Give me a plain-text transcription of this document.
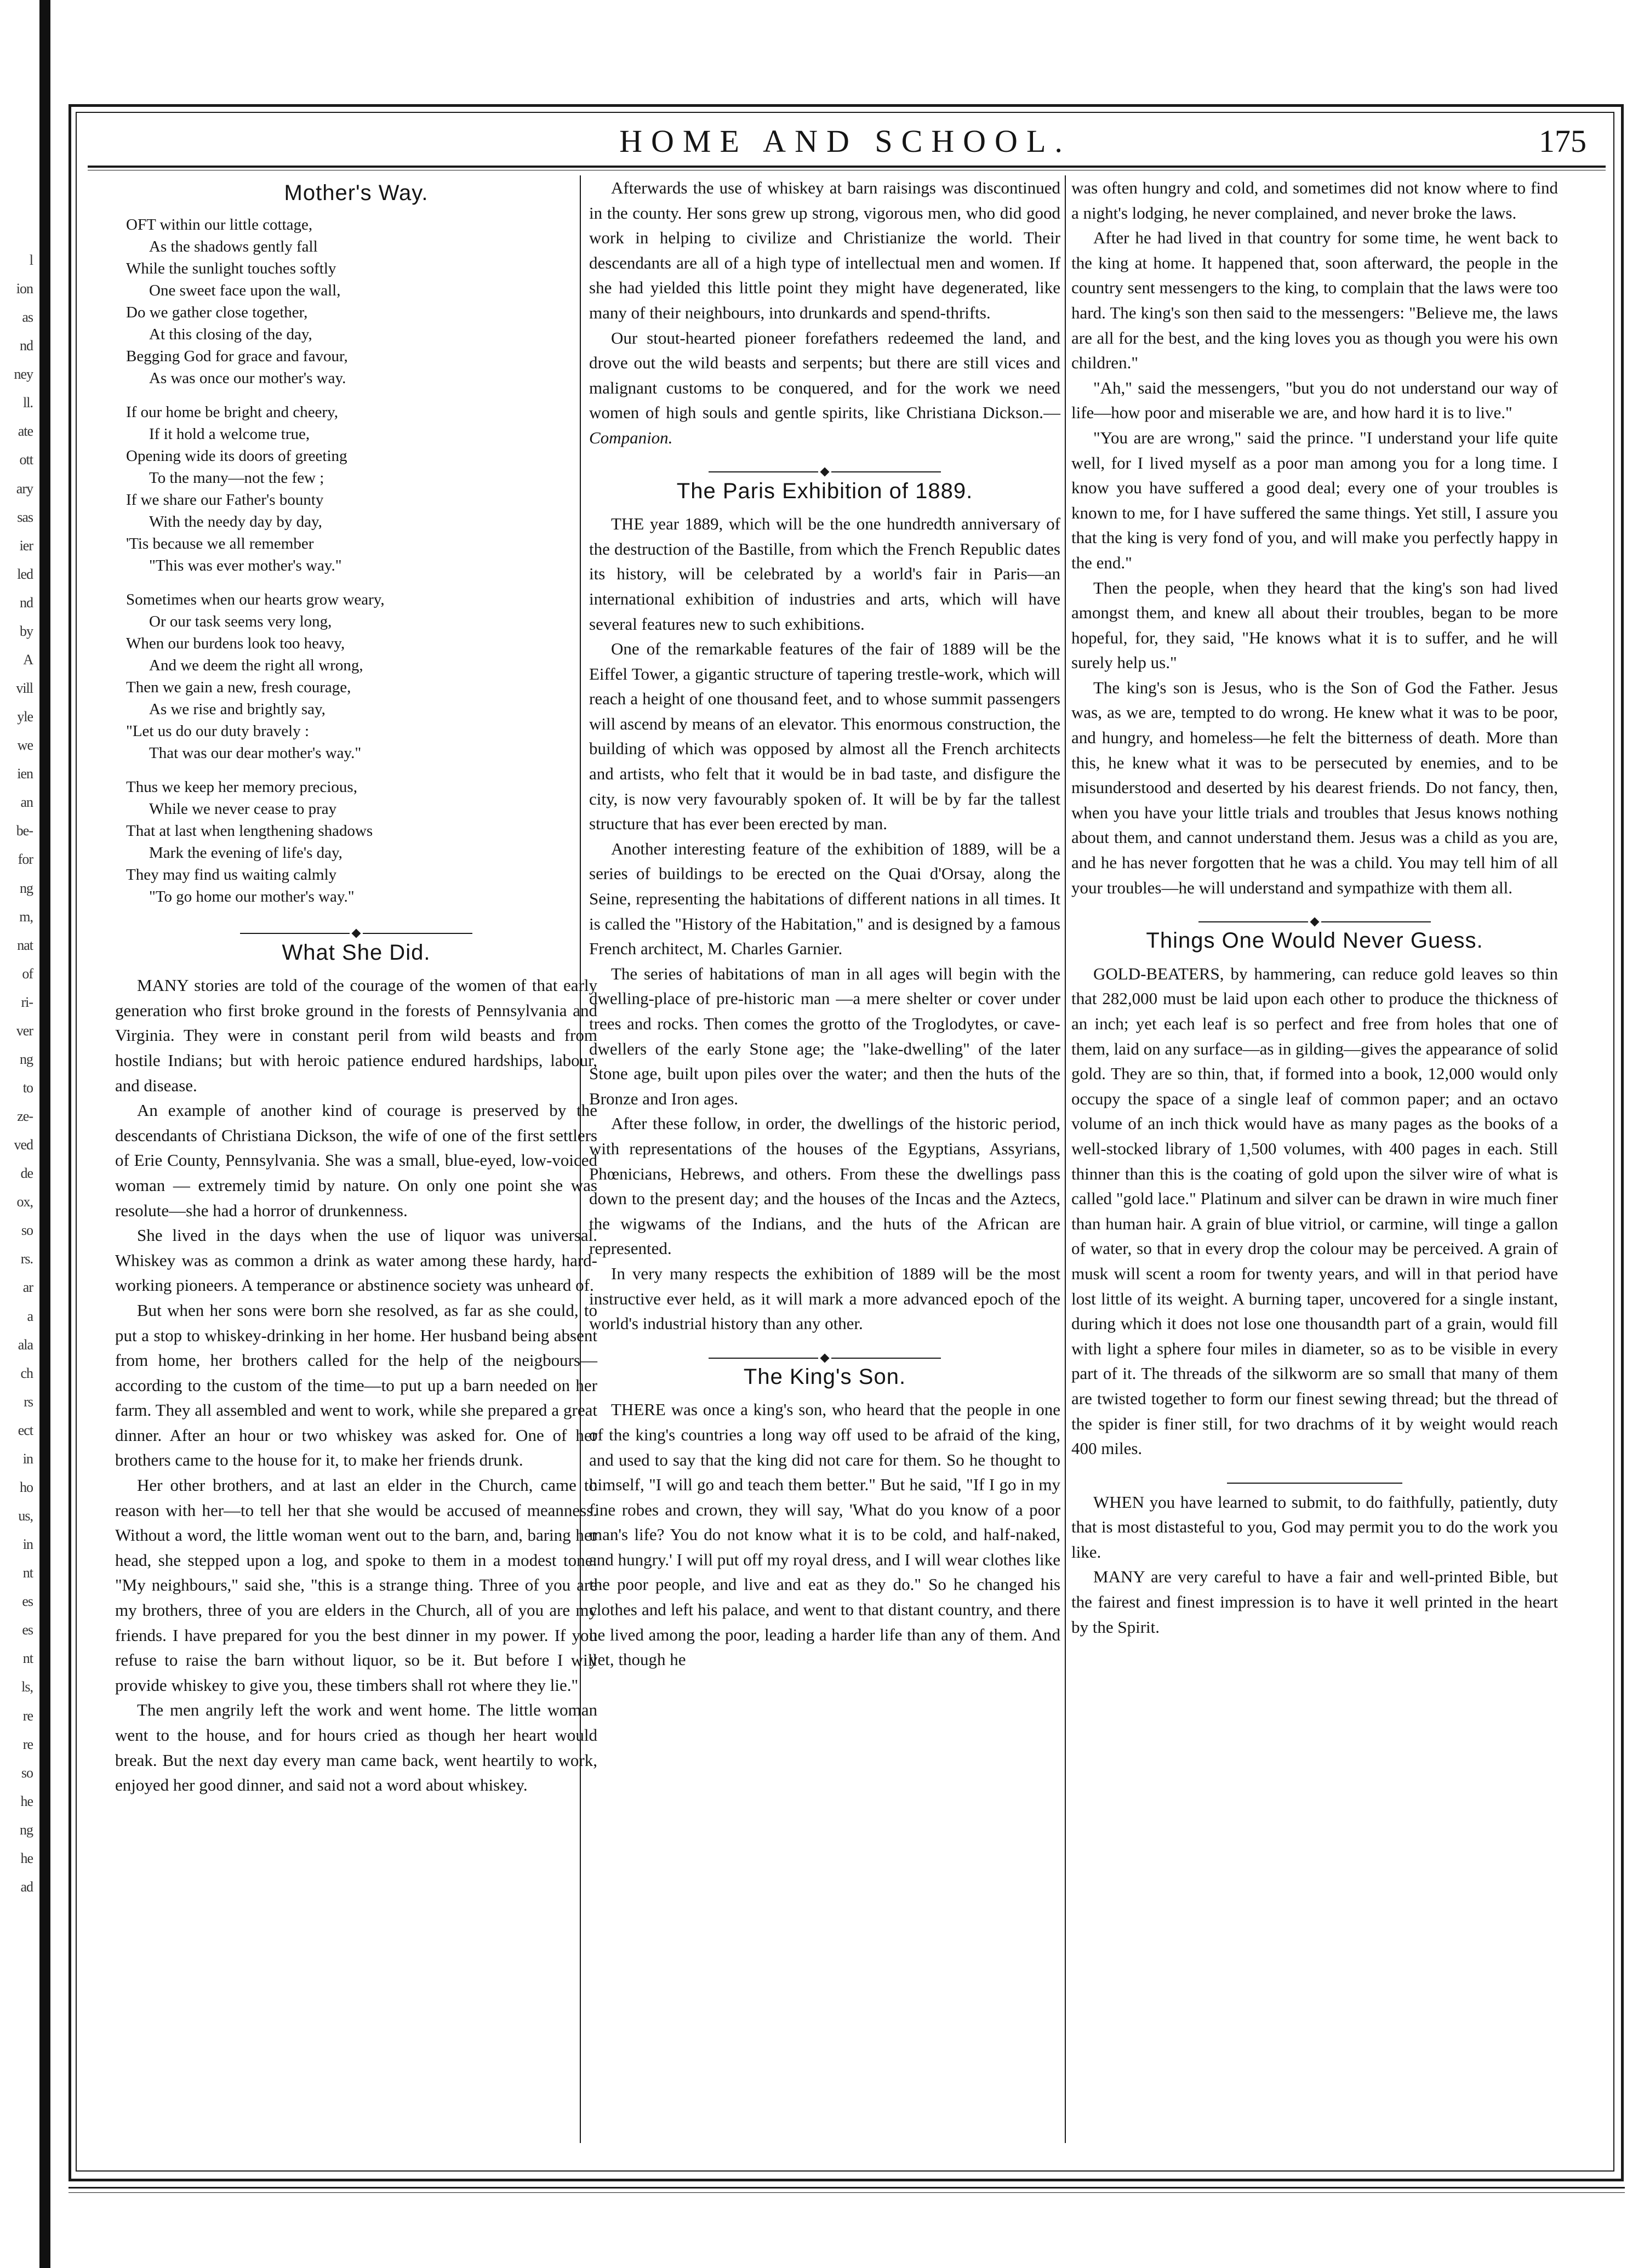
l
ion
as
nd
ney
ll.
ate
ott
ary
sas
ier
led
nd
by
A
vill
yle
we
ien
an
be-
for
ng
m,
nat
of
ri-
ver
ng
to
ze-
ved
de
ox,
so
rs.
ar
a
ala
ch
rs
ect
in
ho
us,
in
nt
es
es
nt
ls,
re
re
so
he
ng
he
ad
HOME AND SCHOOL.	175
Mother's Way.
OFT within our little cottage,
As the shadows gently fall
While the sunlight touches softly
One sweet face upon the wall,
Do we gather close together,
At this closing of the day,
Begging God for grace and favour,
As was once our mother's way.
If our home be bright and cheery,
If it hold a welcome true,
Opening wide its doors of greeting
To the many—not the few ;
If we share our Father's bounty
With the needy day by day,
'Tis because we all remember
"This was ever mother's way."
Sometimes when our hearts grow weary,
Or our task seems very long,
When our burdens look too heavy,
And we deem the right all wrong,
Then we gain a new, fresh courage,
As we rise and brightly say,
"Let us do our duty bravely :
That was our dear mother's way."
Thus we keep her memory precious,
While we never cease to pray
That at last when lengthening shadows
Mark the evening of life's day,
They may find us waiting calmly
"To go home our mother's way."
What She Did.

MANY stories are told of the courage of the women of that early generation who first broke ground in the forests of Pennsylvania and Virginia. They were in constant peril from wild beasts and from hostile Indians; but with heroic patience endured hardships, labour, and disease.

An example of another kind of courage is preserved by the descendants of Christiana Dickson, the wife of one of the first settlers of Erie County, Pennsylvania. She was a small, blue-eyed, low-voiced woman — extremely timid by nature. On only one point she was resolute—she had a horror of drunkenness.

She lived in the days when the use of liquor was universal. Whiskey was as common a drink as water among these hardy, hard-working pioneers. A temperance or abstinence society was unheard of.

But when her sons were born she resolved, as far as she could, to put a stop to whiskey-drinking in her home. Her husband being absent from home, her brothers called for the help of the neigbours—according to the custom of the time—to put up a barn needed on her farm. They all assembled and went to work, while she prepared a great dinner. After an hour or two whiskey was asked for. One of her brothers came to the house for it, to make her friends drunk.

Her other brothers, and at last an elder in the Church, came to reason with her—to tell her that she would be accused of meanness. Without a word, the little woman went out to the barn, and, baring her head, she stepped upon a log, and spoke to them in a modest tone: "My neighbours," said she, "this is a strange thing. Three of you are my brothers, three of you are elders in the Church, all of you are my friends. I have prepared for you the best dinner in my power. If you refuse to raise the barn without liquor, so be it. But before I will provide whiskey to give you, these timbers shall rot where they lie."

The men angrily left the work and went home. The little woman went to the house, and for hours cried as though her heart would break. But the next day every man came back, went heartily to work, enjoyed her good dinner, and said not a word about whiskey.

Afterwards the use of whiskey at barn raisings was discontinued in the county. Her sons grew up strong, vigorous men, who did good work in helping to civilize and Christianize the world. Their descendants are all of a high type of intellectual men and women. If she had yielded this little point they might have degenerated, like many of their neighbours, into drunkards and spend-thrifts.

Our stout-hearted pioneer forefathers redeemed the land, and drove out the wild beasts and serpents; but there are still vices and malignant customs to be conquered, and for the work we need women of high souls and gentle spirits, like Christiana Dickson.—Companion.

The Paris Exhibition of 1889.

THE year 1889, which will be the one hundredth anniversary of the destruction of the Bastille, from which the French Republic dates its history, will be celebrated by a world's fair in Paris—an international exhibition of industries and arts, which will have several features new to such exhibitions.

One of the remarkable features of the fair of 1889 will be the Eiffel Tower, a gigantic structure of tapering trestle-work, which will reach a height of one thousand feet, and to whose summit passengers will ascend by means of an elevator. This enormous construction, the building of which was opposed by almost all the French architects and artists, who felt that it would be in bad taste, and disfigure the city, is now very favourably spoken of. It will be by far the tallest structure that has ever been erected by man.

Another interesting feature of the exhibition of 1889, will be a series of buildings to be erected on the Quai d'Orsay, along the Seine, representing the habitations of different nations in all times. It is called the "History of the Habitation," and is designed by a famous French architect, M. Charles Garnier.

The series of habitations of man in all ages will begin with the dwelling-place of pre-historic man —a mere shelter or cover under trees and rocks. Then comes the grotto of the Troglodytes, or cave-dwellers of the early Stone age; the "lake-dwelling" of the later Stone age, built upon piles over the water; and then the huts of the Bronze and Iron ages.

After these follow, in order, the dwellings of the historic period, with representations of the houses of the Egyptians, Assyrians, Phœnicians, Hebrews, and others. From these the dwellings pass down to the present day; and the houses of the Incas and the Aztecs, the wigwams of the Indians, and the huts of the African are represented.

In very many respects the exhibition of 1889 will be the most instructive ever held, as it will mark a more advanced epoch of the world's industrial history than any other.

The King's Son.

THERE was once a king's son, who heard that the people in one of the king's countries a long way off used to be afraid of the king, and used to say that the king did not care for them. So he thought to himself, "I will go and teach them better." But he said, "If I go in my fine robes and crown, they will say, 'What do you know of a poor man's life? You do not know what it is to be cold, and half-naked, and hungry.' I will put off my royal dress, and I will wear clothes like the poor people, and live and eat as they do." So he changed his clothes and left his palace, and went to that distant country, and there he lived among the poor, leading a harder life than any of them. And yet, though he

was often hungry and cold, and sometimes did not know where to find a night's lodging, he never complained, and never broke the laws.

After he had lived in that country for some time, he went back to the king at home. It happened that, soon afterward, the people in the country sent messengers to the king, to complain that the laws were too hard. The king's son then said to the messengers: "Believe me, the laws are all for the best, and the king loves you as though you were his own children."

"Ah," said the messengers, "but you do not understand our way of life—how poor and miserable we are, and how hard it is to live."

"You are are wrong," said the prince. "I understand your life quite well, for I lived myself as a poor man among you for a long time. I know you have suffered a good deal; every one of your troubles is known to me, for I have suffered the same things. Yet still, I assure you that the king is very fond of you, and will make you perfectly happy in the end."

Then the people, when they heard that the king's son had lived amongst them, and knew all about their troubles, began to be more hopeful, for, they said, "He knows what it is to suffer, and he will surely help us."

The king's son is Jesus, who is the Son of God the Father. Jesus was, as we are, tempted to do wrong. He knew what it was to be poor, and hungry, and homeless—he felt the bitterness of death. More than this, he knew what it was to be persecuted by enemies, and to be misunderstood and deserted by his dearest friends. Do not fancy, then, when you have your little trials and troubles that Jesus knows nothing about them, and cannot understand them. Jesus was a child as you are, and he has never forgotten that he was a child. You may tell him of all your troubles—he will understand and sympathize with them all.

Things One Would Never Guess.

GOLD-BEATERS, by hammering, can reduce gold leaves so thin that 282,000 must be laid upon each other to produce the thickness of an inch; yet each leaf is so perfect and free from holes that one of them, laid on any surface—as in gilding—gives the appearance of solid gold. They are so thin, that, if formed into a book, 12,000 would only occupy the space of a single leaf of common paper; and an octavo volume of an inch thick would have as many pages as the books of a well-stocked library of 1,500 volumes, with 400 pages in each. Still thinner than this is the coating of gold upon the silver wire of what is called "gold lace." Platinum and silver can be drawn in wire much finer than human hair. A grain of blue vitriol, or carmine, will tinge a gallon of water, so that in every drop the colour may be perceived. A grain of musk will scent a room for twenty years, and will in that period have lost little of its weight. A burning taper, uncovered for a single instant, during which it does not lose one thousandth part of a grain, would fill with light a sphere four miles in diameter, so as to be visible in every part of it. The threads of the silkworm are so small that many of them are twisted together to form our finest sewing thread; but the thread of the spider is finer still, for two drachms of it by weight would reach 400 miles.

WHEN you have learned to submit, to do faithfully, patiently, duty that is most distasteful to you, God may permit you to do the work you like.

MANY are very careful to have a fair and well-printed Bible, but the fairest and finest impression is to have it well printed in the heart by the Spirit.
